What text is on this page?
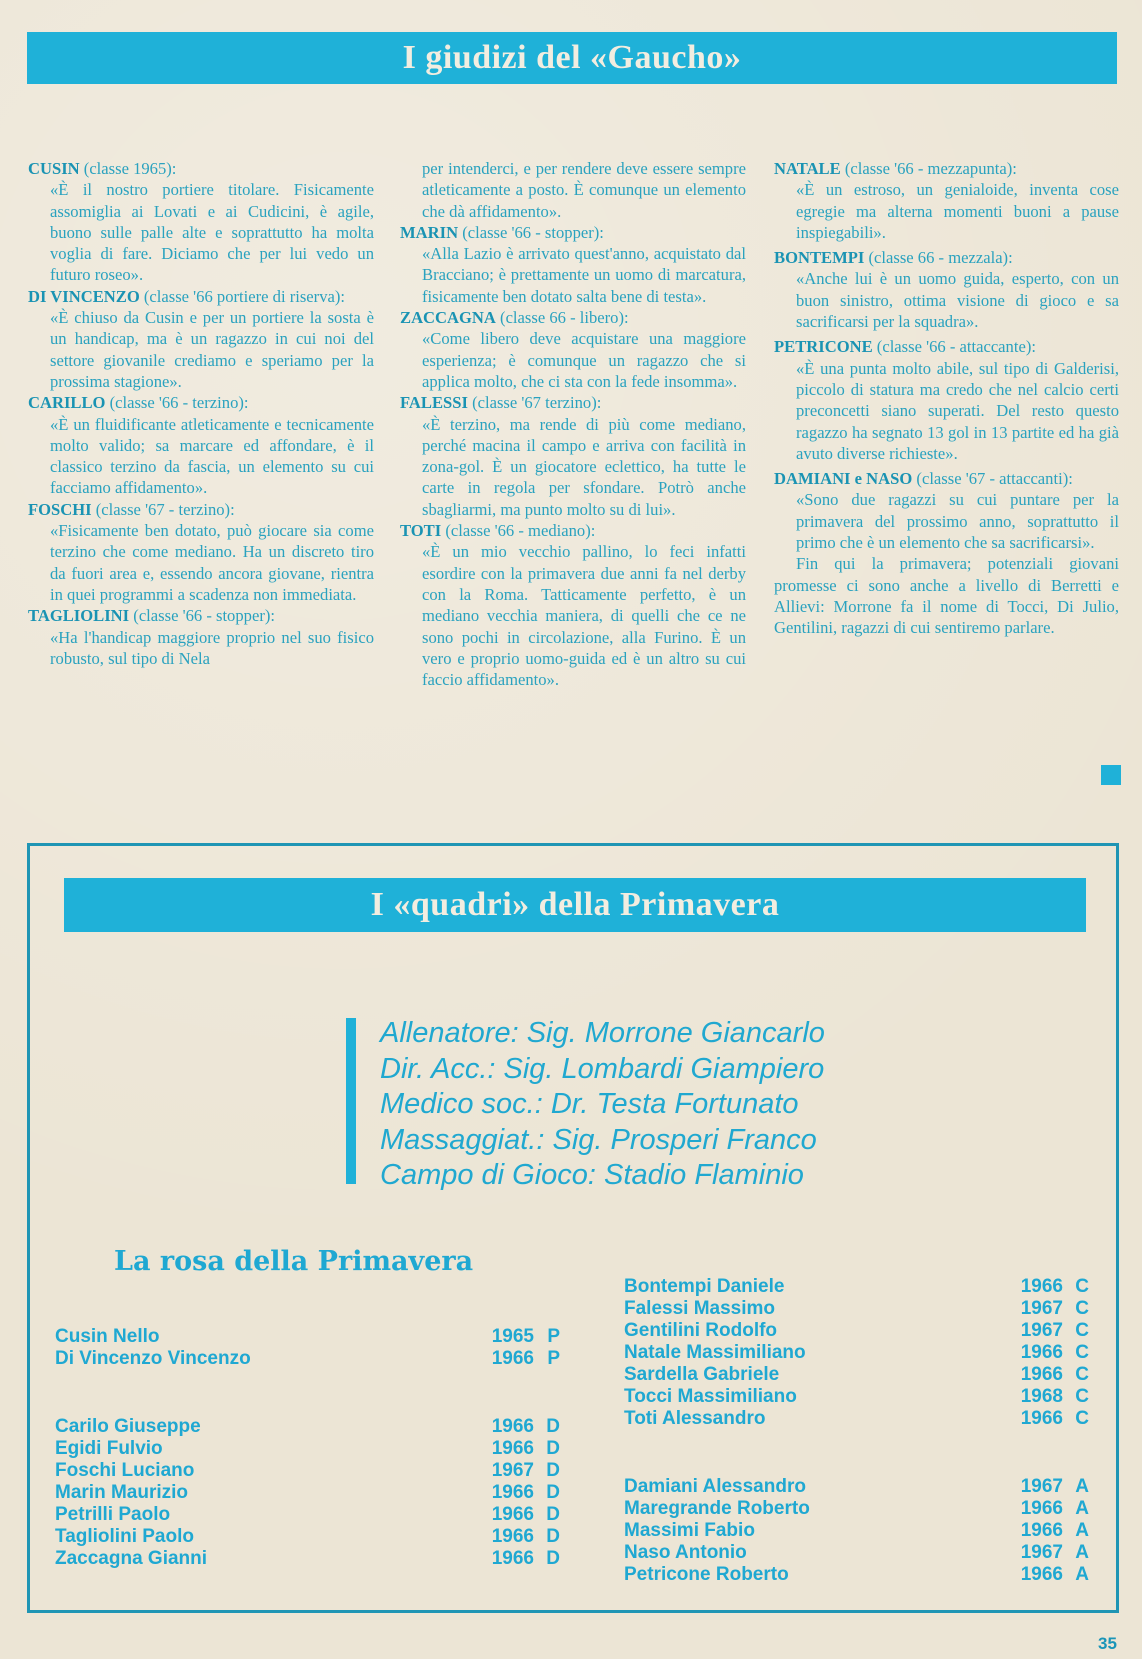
I giudizi del «Gaucho»
CUSIN (classe 1965):
«È il nostro portiere titolare. Fisicamente assomiglia ai Lovati e ai Cudicini, è agile, buono sulle palle alte e soprattutto ha molta voglia di fare. Diciamo che per lui vedo un futuro roseo».
DI VINCENZO (classe '66 portiere di riserva):
«È chiuso da Cusin e per un portiere la sosta è un handicap, ma è un ragazzo in cui noi del settore giovanile crediamo e speriamo per la prossima stagione».
CARILLO (classe '66 - terzino):
«È un fluidificante atleticamente e tecnicamente molto valido; sa marcare ed affondare, è il classico terzino da fascia, un elemento su cui facciamo affidamento».
FOSCHI (classe '67 - terzino):
«Fisicamente ben dotato, può giocare sia come terzino che come mediano. Ha un discreto tiro da fuori area e, essendo ancora giovane, rientra in quei programmi a scadenza non immediata.
TAGLIOLINI (classe '66 - stopper):
«Ha l'handicap maggiore proprio nel suo fisico robusto, sul tipo di Nela
per intenderci, e per rendere deve essere sempre atleticamente a posto. È comunque un elemento che dà affidamento».
MARIN (classe '66 - stopper):
«Alla Lazio è arrivato quest'anno, acquistato dal Bracciano; è prettamente un uomo di marcatura, fisicamente ben dotato salta bene di testa».
ZACCAGNA (classe 66 - libero):
«Come libero deve acquistare una maggiore esperienza; è comunque un ragazzo che si applica molto, che ci sta con la fede insomma».
FALESSI (classe '67 terzino):
«È terzino, ma rende di più come mediano, perché macina il campo e arriva con facilità in zona-gol. È un giocatore eclettico, ha tutte le carte in regola per sfondare. Potrò anche sbagliarmi, ma punto molto su di lui».
TOTI (classe '66 - mediano):
«È un mio vecchio pallino, lo feci infatti esordire con la primavera due anni fa nel derby con la Roma. Tatticamente perfetto, è un mediano vecchia maniera, di quelli che ce ne sono pochi in circolazione, alla Furino. È un vero e proprio uomo-guida ed è un altro su cui faccio affidamento».
NATALE (classe '66 - mezzapunta):
«È un estroso, un genialoide, inventa cose egregie ma alterna momenti buoni a pause inspiegabili».
BONTEMPI (classe 66 - mezzala):
«Anche lui è un uomo guida, esperto, con un buon sinistro, ottima visione di gioco e sa sacrificarsi per la squadra».
PETRICONE (classe '66 - attaccante):
«È una punta molto abile, sul tipo di Galderisi, piccolo di statura ma credo che nel calcio certi preconcetti siano superati. Del resto questo ragazzo ha segnato 13 gol in 13 partite ed ha già avuto diverse richieste».
DAMIANI e NASO (classe '67 - attaccanti):
«Sono due ragazzi su cui puntare per la primavera del prossimo anno, soprattutto il primo che è un elemento che sa sacrificarsi».
Fin qui la primavera; potenziali giovani promesse ci sono anche a livello di Berretti e Allievi: Morrone fa il nome di Tocci, Di Julio, Gentilini, ragazzi di cui sentiremo parlare.
I «quadri» della Primavera
Allenatore: Sig. Morrone Giancarlo
Dir. Acc.: Sig. Lombardi Giampiero
Medico soc.: Dr. Testa Fortunato
Massaggiat.: Sig. Prosperi Franco
Campo di Gioco: Stadio Flaminio
La rosa della Primavera
Cusin Nello	1965 P
Di Vincenzo Vincenzo	1966 P
Carilo Giuseppe	1966 D
Egidi Fulvio	1966 D
Foschi Luciano	1967 D
Marin Maurizio	1966 D
Petrilli Paolo	1966 D
Tagliolini Paolo	1966 D
Zaccagna Gianni	1966 D
Bontempi Daniele	1966 C
Falessi Massimo	1967 C
Gentilini Rodolfo	1967 C
Natale Massimiliano	1966 C
Sardella Gabriele	1966 C
Tocci Massimiliano	1968 C
Toti Alessandro	1966 C
Damiani Alessandro	1967 A
Maregrande Roberto	1966 A
Massimi Fabio	1966 A
Naso Antonio	1967 A
Petricone Roberto	1966 A
35
